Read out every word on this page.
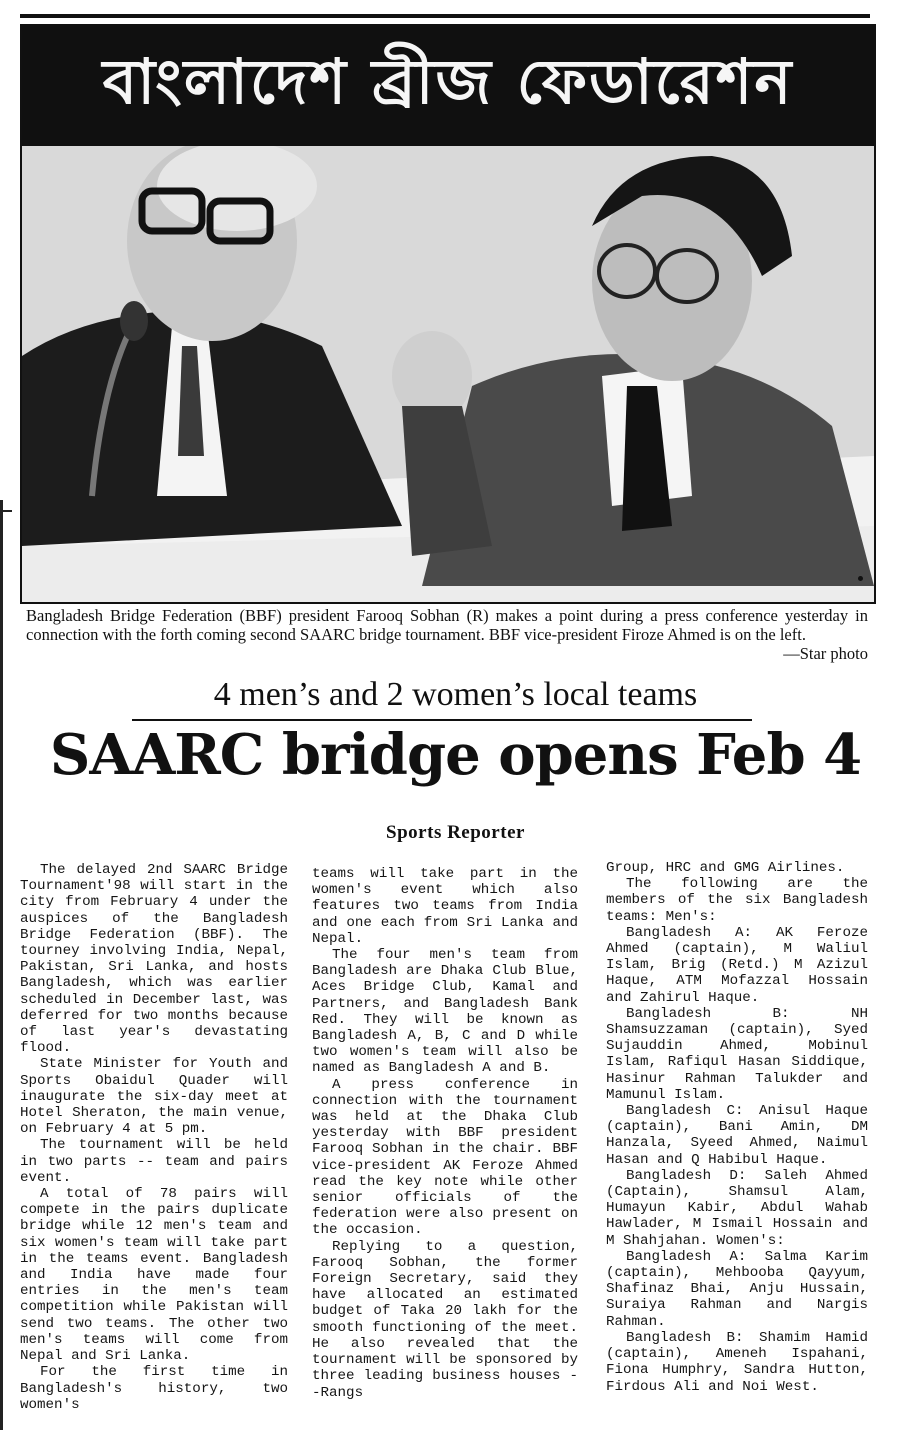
বাংলাদেশ ব্রীজ ফেডারেশন
Bangladesh Bridge Federation (BBF) president Farooq Sobhan (R) makes a point during a press conference yesterday in connection with the forth coming second SAARC bridge tournament. BBF vice-president Firoze Ahmed is on the left.
—Star photo
4 men’s and 2 women’s local teams
SAARC bridge opens Feb 4
Sports Reporter

The delayed 2nd SAARC Bridge Tournament'98 will start in the city from February 4 under the auspices of the Bangladesh Bridge Federation (BBF). The tourney involving India, Nepal, Pakistan, Sri Lanka, and hosts Bangladesh, which was earlier scheduled in December last, was deferred for two months because of last year's devastating flood.

State Minister for Youth and Sports Obaidul Quader will inaugurate the six-day meet at Hotel Sheraton, the main venue, on February 4 at 5 pm.

The tournament will be held in two parts -- team and pairs event.

A total of 78 pairs will compete in the pairs duplicate bridge while 12 men's team and six women's team will take part in the teams event. Bangladesh and India have made four entries in the men's team competition while Pakistan will send two teams. The other two men's teams will come from Nepal and Sri Lanka.

For the first time in Bangladesh's history, two women's

teams will take part in the women's event which also features two teams from India and one each from Sri Lanka and Nepal.

The four men's team from Bangladesh are Dhaka Club Blue, Aces Bridge Club, Kamal and Partners, and Bangladesh Bank Red. They will be known as Bangladesh A, B, C and D while two women's team will also be named as Bangladesh A and B.

A press conference in connection with the tournament was held at the Dhaka Club yesterday with BBF president Farooq Sobhan in the chair. BBF vice-president AK Feroze Ahmed read the key note while other senior officials of the federation were also present on the occasion.

Replying to a question, Farooq Sobhan, the former Foreign Secretary, said they have allocated an estimated budget of Taka 20 lakh for the smooth functioning of the meet. He also revealed that the tournament will be sponsored by three leading business houses --Rangs

Group, HRC and GMG Airlines.

The following are the members of the six Bangladesh teams: Men's:

Bangladesh A: AK Feroze Ahmed (captain), M Waliul Islam, Brig (Retd.) M Azizul Haque, ATM Mofazzal Hossain and Zahirul Haque.

Bangladesh B: NH Shamsuzzaman (captain), Syed Sujauddin Ahmed, Mobinul Islam, Rafiqul Hasan Siddique, Hasinur Rahman Talukder and Mamunul Islam.

Bangladesh C: Anisul Haque (captain), Bani Amin, DM Hanzala, Syeed Ahmed, Naimul Hasan and Q Habibul Haque.

Bangladesh D: Saleh Ahmed (Captain), Shamsul Alam, Humayun Kabir, Abdul Wahab Hawlader, M Ismail Hossain and M Shahjahan. Women's:

Bangladesh A: Salma Karim (captain), Mehbooba Qayyum, Shafinaz Bhai, Anju Hussain, Suraiya Rahman and Nargis Rahman.

Bangladesh B: Shamim Hamid (captain), Ameneh Ispahani, Fiona Humphry, Sandra Hutton, Firdous Ali and Noi West.
